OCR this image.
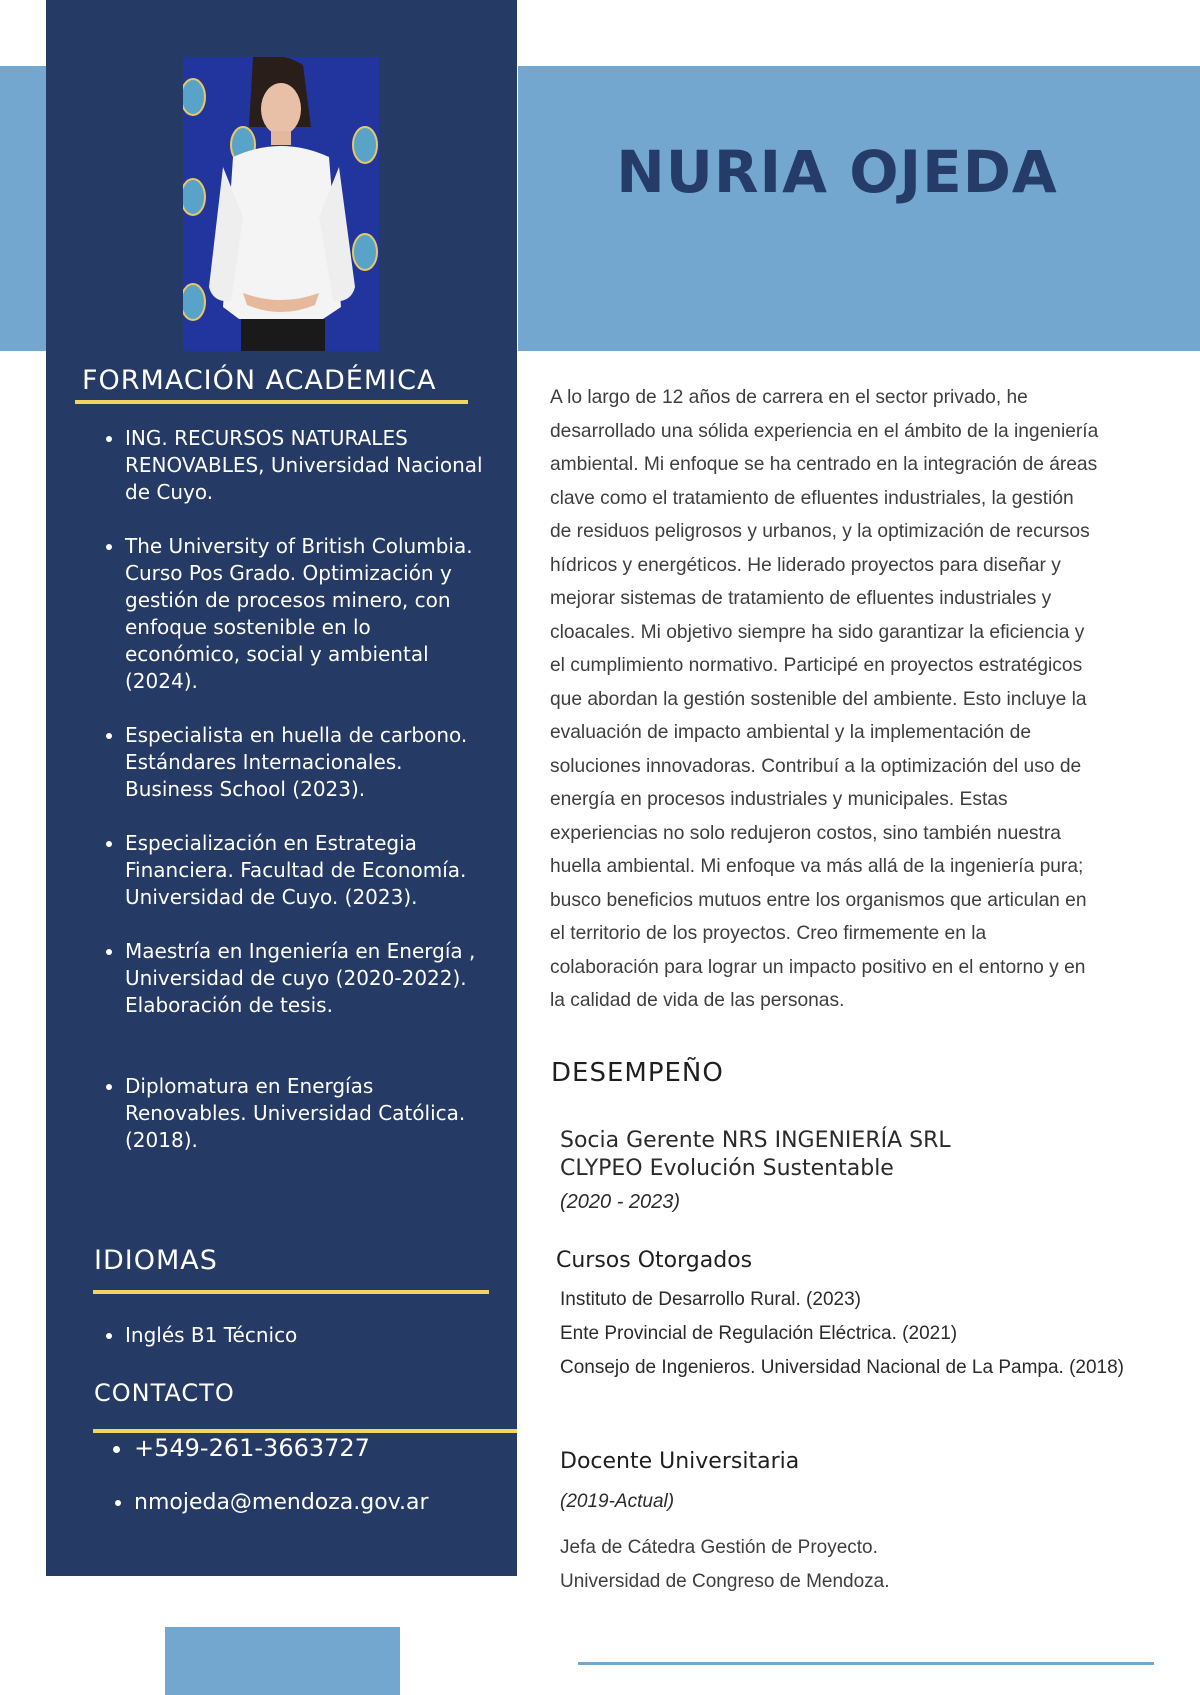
NURIA OJEDA
FORMACIÓN ACADÉMICA
• ING. RECURSOS NATURALES RENOVABLES, Universidad Nacional de Cuyo.
• The University of British Columbia. Curso Pos Grado. Optimización y gestión de procesos minero, con enfoque sostenible en lo económico, social y ambiental (2024).
• Especialista en huella de carbono. Estándares Internacionales. Business School (2023).
• Especialización en Estrategia Financiera. Facultad de Economía. Universidad de Cuyo. (2023).
• Maestría en Ingeniería en Energía , Universidad de cuyo (2020-2022). Elaboración de tesis.
• Diplomatura en Energías Renovables. Universidad Católica. (2018).
IDIOMAS
• Inglés B1 Técnico
CONTACTO
• +549-261-3663727
• nmojeda@mendoza.gov.ar

A lo largo de 12 años de carrera en el sector privado, he
desarrollado una sólida experiencia en el ámbito de la ingeniería
ambiental. Mi enfoque se ha centrado en la integración de áreas
clave como el tratamiento de efluentes industriales, la gestión
de residuos peligrosos y urbanos, y la optimización de recursos
hídricos y energéticos. He liderado proyectos para diseñar y
mejorar sistemas de tratamiento de efluentes industriales y
cloacales. Mi objetivo siempre ha sido garantizar la eficiencia y
el cumplimiento normativo. Participé en proyectos estratégicos
que abordan la gestión sostenible del ambiente. Esto incluye la
evaluación de impacto ambiental y la implementación de
soluciones innovadoras. Contribuí a la optimización del uso de
energía en procesos industriales y municipales. Estas
experiencias no solo redujeron costos, sino también nuestra
huella ambiental. Mi enfoque va más allá de la ingeniería pura;
busco beneficios mutuos entre los organismos que articulan en
el territorio de los proyectos. Creo firmemente en la
colaboración para lograr un impacto positivo en el entorno y en
la calidad de vida de las personas.

DESEMPEÑO

Socia Gerente NRS INGENIERÍA SRL

CLYPEO Evolución Sustentable

(2020 - 2023)

Cursos Otorgados

Instituto de Desarrollo Rural. (2023)

Ente Provincial de Regulación Eléctrica. (2021)

Consejo de Ingenieros. Universidad Nacional de La Pampa. (2018)

Docente Universitaria

(2019-Actual)

Jefa de Cátedra Gestión de Proyecto.

Universidad de Congreso de Mendoza.
